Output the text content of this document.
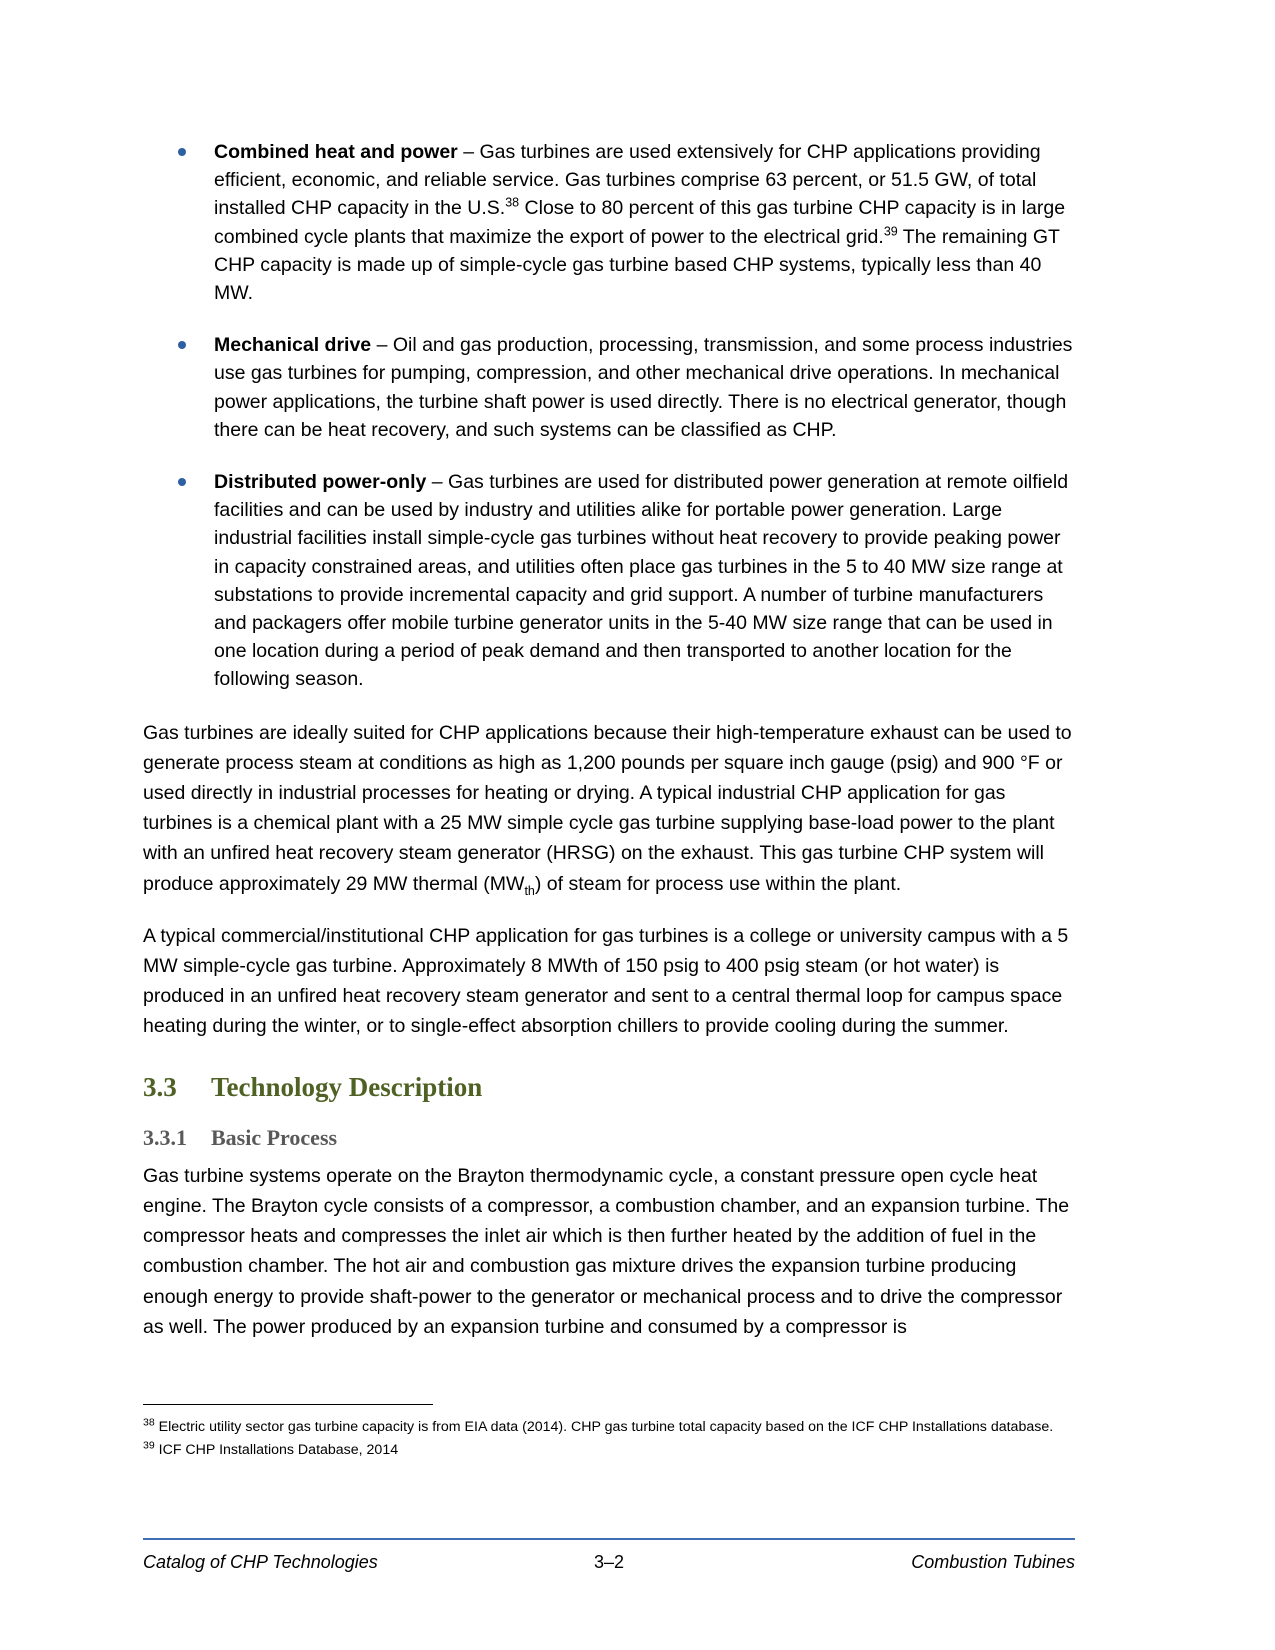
Combined heat and power – Gas turbines are used extensively for CHP applications providing efficient, economic, and reliable service. Gas turbines comprise 63 percent, or 51.5 GW, of total installed CHP capacity in the U.S.$^{38}$ Close to 80 percent of this gas turbine CHP capacity is in large combined cycle plants that maximize the export of power to the electrical grid.$^{39}$ The remaining GT CHP capacity is made up of simple-cycle gas turbine based CHP systems, typically less than 40 MW.
Mechanical drive – Oil and gas production, processing, transmission, and some process industries use gas turbines for pumping, compression, and other mechanical drive operations. In mechanical power applications, the turbine shaft power is used directly. There is no electrical generator, though there can be heat recovery, and such systems can be classified as CHP.
Distributed power-only – Gas turbines are used for distributed power generation at remote oilfield facilities and can be used by industry and utilities alike for portable power generation. Large industrial facilities install simple-cycle gas turbines without heat recovery to provide peaking power in capacity constrained areas, and utilities often place gas turbines in the 5 to 40 MW size range at substations to provide incremental capacity and grid support. A number of turbine manufacturers and packagers offer mobile turbine generator units in the 5-40 MW size range that can be used in one location during a period of peak demand and then transported to another location for the following season.

Gas turbines are ideally suited for CHP applications because their high-temperature exhaust can be used to generate process steam at conditions as high as 1,200 pounds per square inch gauge (psig) and 900 °F or used directly in industrial processes for heating or drying. A typical industrial CHP application for gas turbines is a chemical plant with a 25 MW simple cycle gas turbine supplying base-load power to the plant with an unfired heat recovery steam generator (HRSG) on the exhaust. This gas turbine CHP system will produce approximately 29 MW thermal $(MW_{th})$ of steam for process use within the plant.

A typical commercial/institutional CHP application for gas turbines is a college or university campus with a 5 MW simple-cycle gas turbine. Approximately 8 MWth of 150 psig to 400 psig steam (or hot water) is produced in an unfired heat recovery steam generator and sent to a central thermal loop for campus space heating during the winter, or to single-effect absorption chillers to provide cooling during the summer.

3.3	Technology Description
3.3.1	Basic Process

Gas turbine systems operate on the Brayton thermodynamic cycle, a constant pressure open cycle heat engine. The Brayton cycle consists of a compressor, a combustion chamber, and an expansion turbine. The compressor heats and compresses the inlet air which is then further heated by the addition of fuel in the combustion chamber. The hot air and combustion gas mixture drives the expansion turbine producing enough energy to provide shaft-power to the generator or mechanical process and to drive the compressor as well. The power produced by an expansion turbine and consumed by a compressor is

$^{38}$ Electric utility sector gas turbine capacity is from EIA data (2014). CHP gas turbine total capacity based on the ICF CHP Installations database.

$^{39}$ ICF CHP Installations Database, 2014

Catalog of CHP Technologies	3–2	Combustion Tubines
